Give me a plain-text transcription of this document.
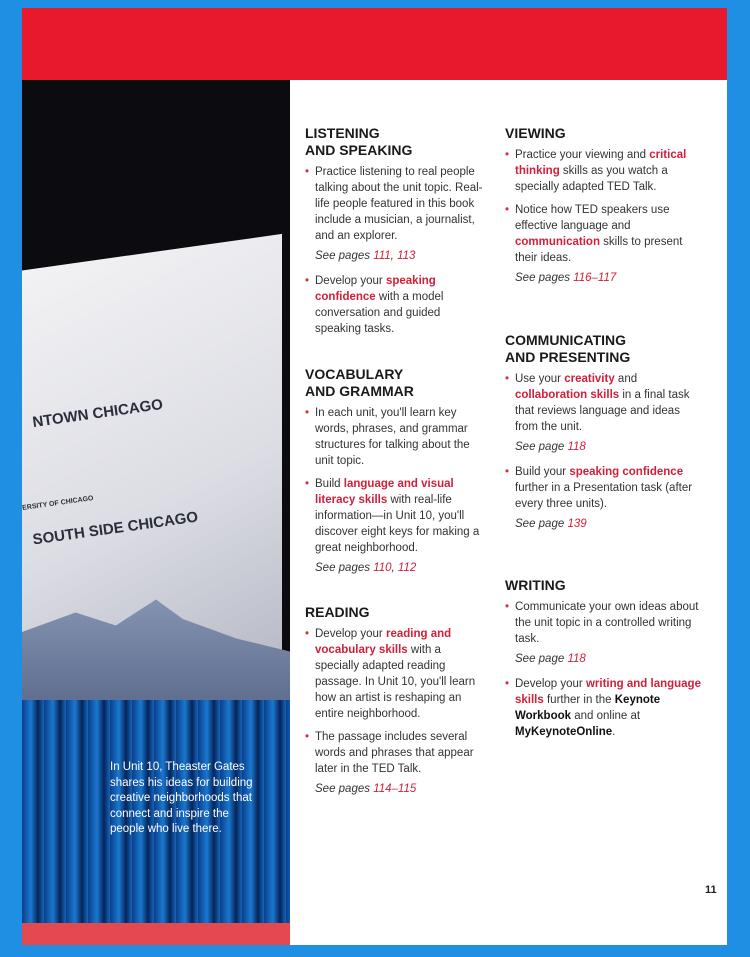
NTOWN CHICAGO
ERSITY OF CHICAGO
SOUTH SIDE CHICAGO
In Unit 10, Theaster Gates shares his ideas for building creative neighborhoods that connect and inspire the people who live there.
LISTENING
AND SPEAKING
• Practice listening to real people talking about the unit topic. Real-life people featured in this book include a musician, a journalist, and an explorer.
See pages 111, 113
• Develop your speaking confidence with a model conversation and guided speaking tasks.
VOCABULARY
AND GRAMMAR
• In each unit, you'll learn key words, phrases, and grammar structures for talking about the unit topic.
• Build language and visual literacy skills with real-life information—in Unit 10, you'll discover eight keys for making a great neighborhood.
See pages 110, 112
READING
• Develop your reading and vocabulary skills with a specially adapted reading passage. In Unit 10, you'll learn how an artist is reshaping an entire neighborhood.
• The passage includes several words and phrases that appear later in the TED Talk.
See pages 114–115
VIEWING
• Practice your viewing and critical thinking skills as you watch a specially adapted TED Talk.
• Notice how TED speakers use effective language and communication skills to present their ideas.
See pages 116–117
COMMUNICATING
AND PRESENTING
• Use your creativity and collaboration skills in a final task that reviews language and ideas from the unit.
See page 118
• Build your speaking confidence further in a Presentation task (after every three units).
See page 139
WRITING
• Communicate your own ideas about the unit topic in a controlled writing task.
See page 118
• Develop your writing and language skills further in the Keynote Workbook and online at MyKeynoteOnline.
11
